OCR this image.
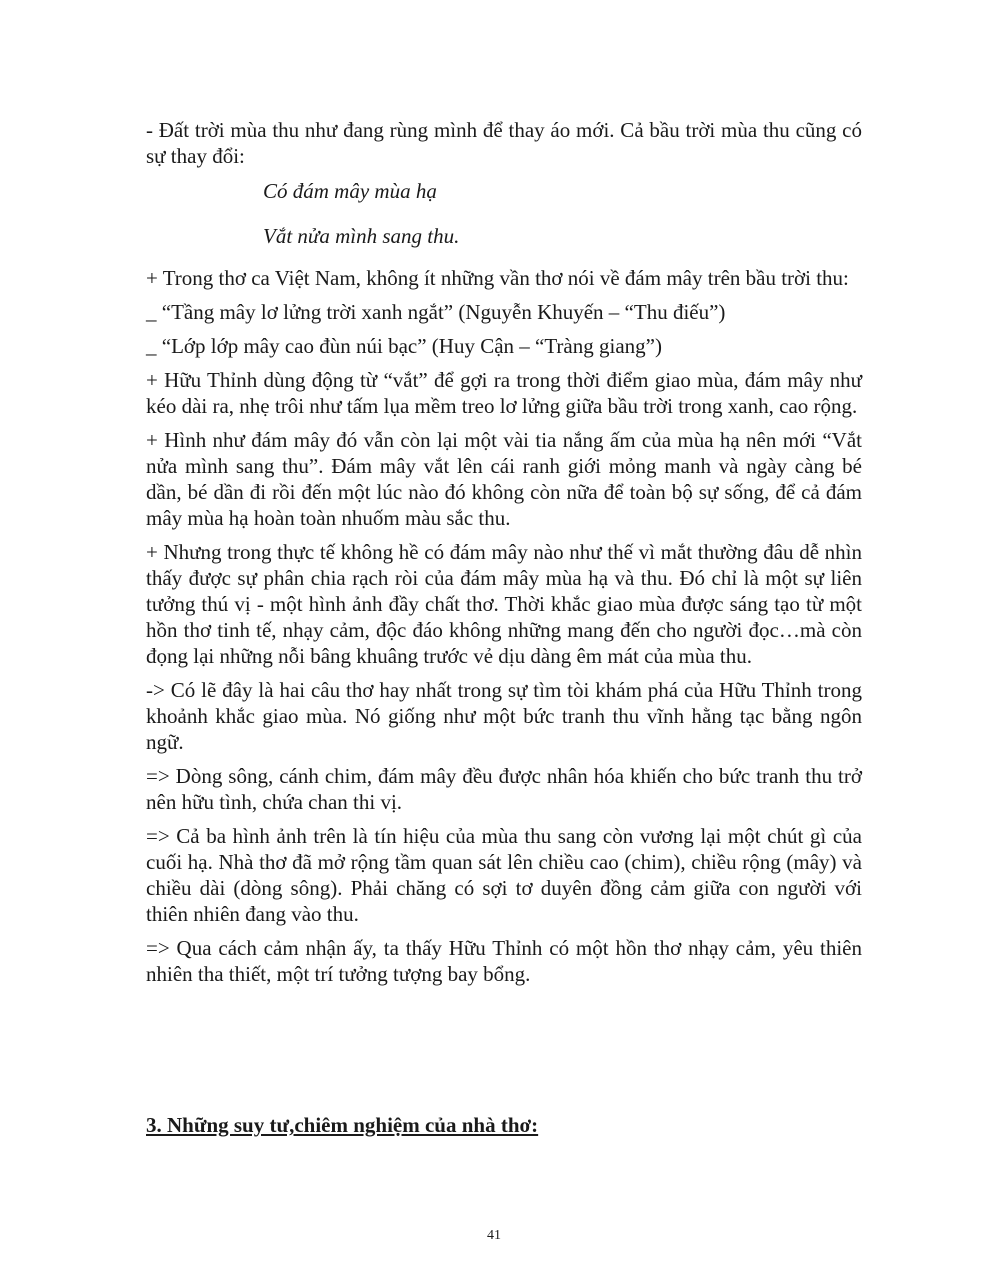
- Đất trời mùa thu như đang rùng mình để thay áo mới. Cả bầu trời mùa thu cũng có sự thay đổi:

Có đám mây mùa hạ

Vắt nửa mình sang thu.

+ Trong thơ ca Việt Nam, không ít những vần thơ nói về đám mây trên bầu trời thu:

_ “Tầng mây lơ lửng trời xanh ngắt” (Nguyễn Khuyến – “Thu điếu”)

_ “Lớp lớp mây cao đùn núi bạc” (Huy Cận – “Tràng giang”)

+ Hữu Thỉnh dùng động từ “vắt” để gợi ra trong thời điểm giao mùa, đám mây như kéo dài ra, nhẹ trôi như tấm lụa mềm treo lơ lửng giữa bầu trời trong xanh, cao rộng.

+ Hình như đám mây đó vẫn còn lại một vài tia nắng ấm của mùa hạ nên mới “Vắt nửa mình sang thu”. Đám mây vắt lên cái ranh giới mỏng manh và ngày càng bé dần, bé dần đi rồi đến một lúc nào đó không còn nữa để toàn bộ sự sống, để cả đám mây mùa hạ hoàn toàn nhuốm màu sắc thu.

+ Nhưng trong thực tế không hề có đám mây nào như thế vì mắt thường đâu dễ nhìn thấy được sự phân chia rạch ròi của đám mây mùa hạ và thu. Đó chỉ là một sự liên tưởng thú vị - một hình ảnh đầy chất thơ. Thời khắc giao mùa được sáng tạo từ một hồn thơ tinh tế, nhạy cảm, độc đáo không những mang đến cho người đọc…mà còn đọng lại những nỗi bâng khuâng trước vẻ dịu dàng êm mát của mùa thu.

-> Có lẽ đây là hai câu thơ hay nhất trong sự tìm tòi khám phá của Hữu Thỉnh trong khoảnh khắc giao mùa. Nó giống như một bức tranh thu vĩnh hằng tạc bằng ngôn ngữ.

=> Dòng sông, cánh chim, đám mây đều được nhân hóa khiến cho bức tranh thu trở nên hữu tình, chứa chan thi vị.

=> Cả ba hình ảnh trên là tín hiệu của mùa thu sang còn vương lại một chút gì của cuối hạ. Nhà thơ đã mở rộng tầm quan sát lên chiều cao (chim), chiều rộng (mây) và chiều dài (dòng sông). Phải chăng có sợi tơ duyên đồng cảm giữa con người với thiên nhiên đang vào thu.

=> Qua cách cảm nhận ấy, ta thấy Hữu Thỉnh có một hồn thơ nhạy cảm, yêu thiên nhiên tha thiết, một trí tưởng tượng bay bổng.

3. Những suy tư,chiêm nghiệm của nhà thơ:
41
